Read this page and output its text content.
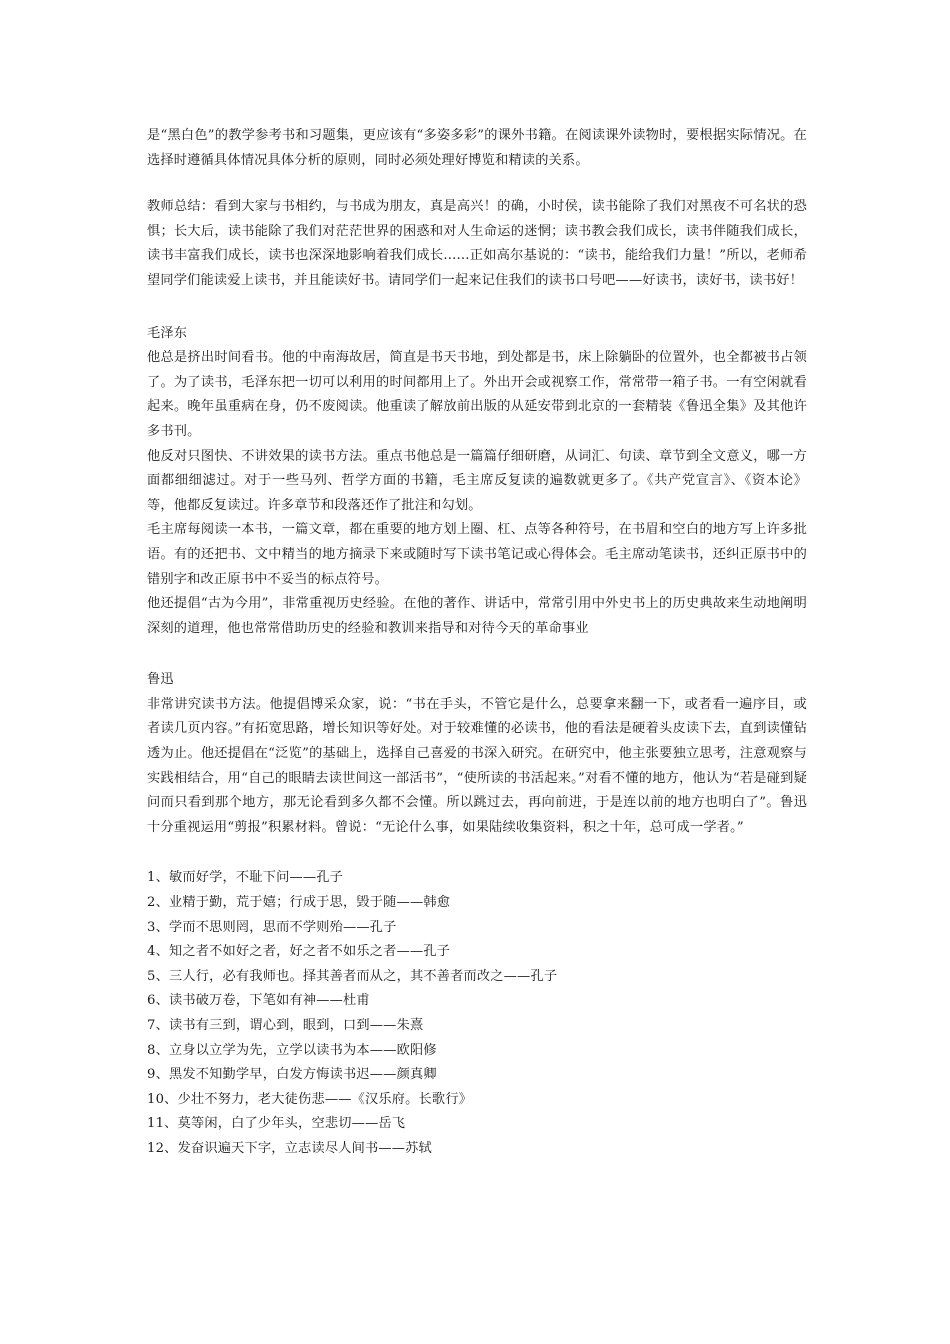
是“黑白色”的教学参考书和习题集，更应该有“多姿多彩”的课外书籍。在阅读课外读物时，要根据实际情况。在选择时遵循具体情况具体分析的原则，同时必须处理好博览和精读的关系。

教师总结：看到大家与书相约，与书成为朋友，真是高兴！的确，小时侯，读书能除了我们对黑夜不可名状的恐惧；长大后，读书能除了我们对茫茫世界的困惑和对人生命运的迷惘；读书教会我们成长，读书伴随我们成长，读书丰富我们成长，读书也深深地影响着我们成长......正如高尔基说的：“读书，能给我们力量！”所以，老师希望同学们能读爱上读书，并且能读好书。请同学们一起来记住我们的读书口号吧——好读书，读好书，读书好！

毛泽东

他总是挤出时间看书。他的中南海故居，简直是书天书地，到处都是书，床上除躺卧的位置外，也全都被书占领了。为了读书，毛泽东把一切可以利用的时间都用上了。外出开会或视察工作，常常带一箱子书。一有空闲就看起来。晚年虽重病在身，仍不废阅读。他重读了解放前出版的从延安带到北京的一套精装《鲁迅全集》及其他许多书刊。

他反对只图快、不讲效果的读书方法。重点书他总是一篇篇仔细研磨，从词汇、句读、章节到全文意义，哪一方面都细细滤过。对于一些马列、哲学方面的书籍，毛主席反复读的遍数就更多了。《共产党宣言》、《资本论》等，他都反复读过。许多章节和段落还作了批注和勾划。

毛主席每阅读一本书，一篇文章，都在重要的地方划上圈、杠、点等各种符号，在书眉和空白的地方写上许多批语。有的还把书、文中精当的地方摘录下来或随时写下读书笔记或心得体会。毛主席动笔读书，还纠正原书中的错别字和改正原书中不妥当的标点符号。

他还提倡“古为今用”，非常重视历史经验。在他的著作、讲话中，常常引用中外史书上的历史典故来生动地阐明深刻的道理，他也常常借助历史的经验和教训来指导和对待今天的革命事业

鲁迅

非常讲究读书方法。他提倡博采众家，说：“书在手头，不管它是什么，总要拿来翻一下，或者看一遍序目，或者读几页内容。”有拓宽思路，增长知识等好处。对于较难懂的必读书，他的看法是硬着头皮读下去，直到读懂钻透为止。他还提倡在“泛览”的基础上，选择自己喜爱的书深入研究。在研究中，他主张要独立思考，注意观察与实践相结合，用“自己的眼睛去读世间这一部活书”，“使所读的书活起来。”对看不懂的地方，他认为“若是碰到疑问而只看到那个地方，那无论看到多久都不会懂。所以跳过去，再向前进，于是连以前的地方也明白了”。鲁迅十分重视运用“剪报”积累材料。曾说：“无论什么事，如果陆续收集资料，积之十年，总可成一学者。”

1、敏而好学，不耻下问——孔子
2、业精于勤，荒于嬉；行成于思，毁于随——韩愈
3、学而不思则罔，思而不学则殆——孔子
4、知之者不如好之者，好之者不如乐之者——孔子
5、三人行，必有我师也。择其善者而从之，其不善者而改之——孔子
6、读书破万卷，下笔如有神——杜甫
7、读书有三到，谓心到，眼到，口到——朱熹
8、立身以立学为先，立学以读书为本——欧阳修
9、黑发不知勤学早，白发方悔读书迟——颜真卿
10、少壮不努力，老大徒伤悲——《汉乐府。长歌行》
11、莫等闲，白了少年头，空悲切——岳飞
12、发奋识遍天下字，立志读尽人间书——苏轼
